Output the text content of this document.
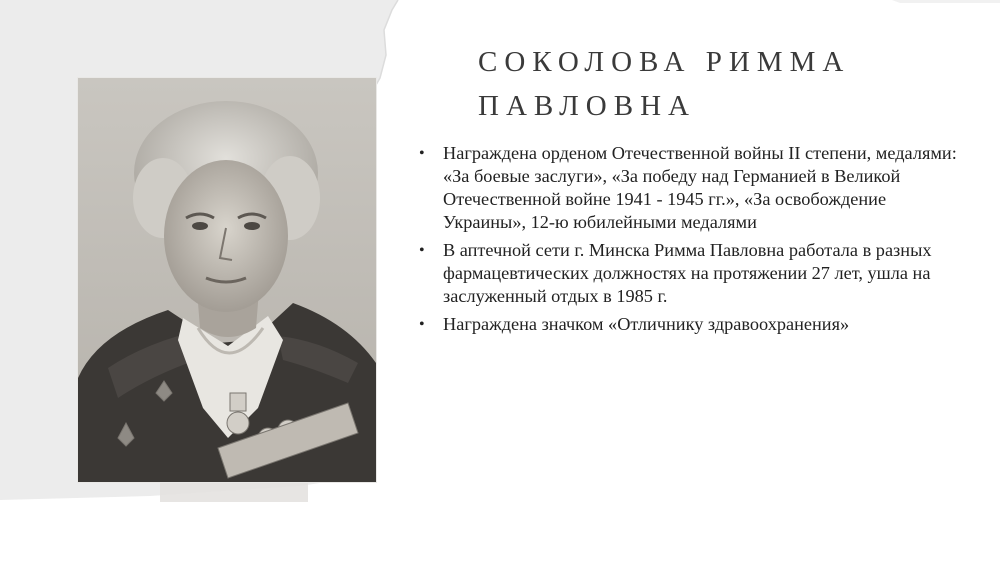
СОКОЛОВА РИММА
ПАВЛОВНА
• Награждена орденом Отечественной войны II степени, медалями: «За боевые заслуги», «За победу над Германией в Великой Отечественной войне 1941 - 1945 гг.», «За освобождение Украины», 12-ю юбилейными медалями
• В аптечной сети г. Минска Римма Павловна работала в разных фармацевтических должностях на протяжении 27 лет, ушла на заслуженный отдых в 1985 г.
• Награждена значком «Отличнику здравоохранения»
